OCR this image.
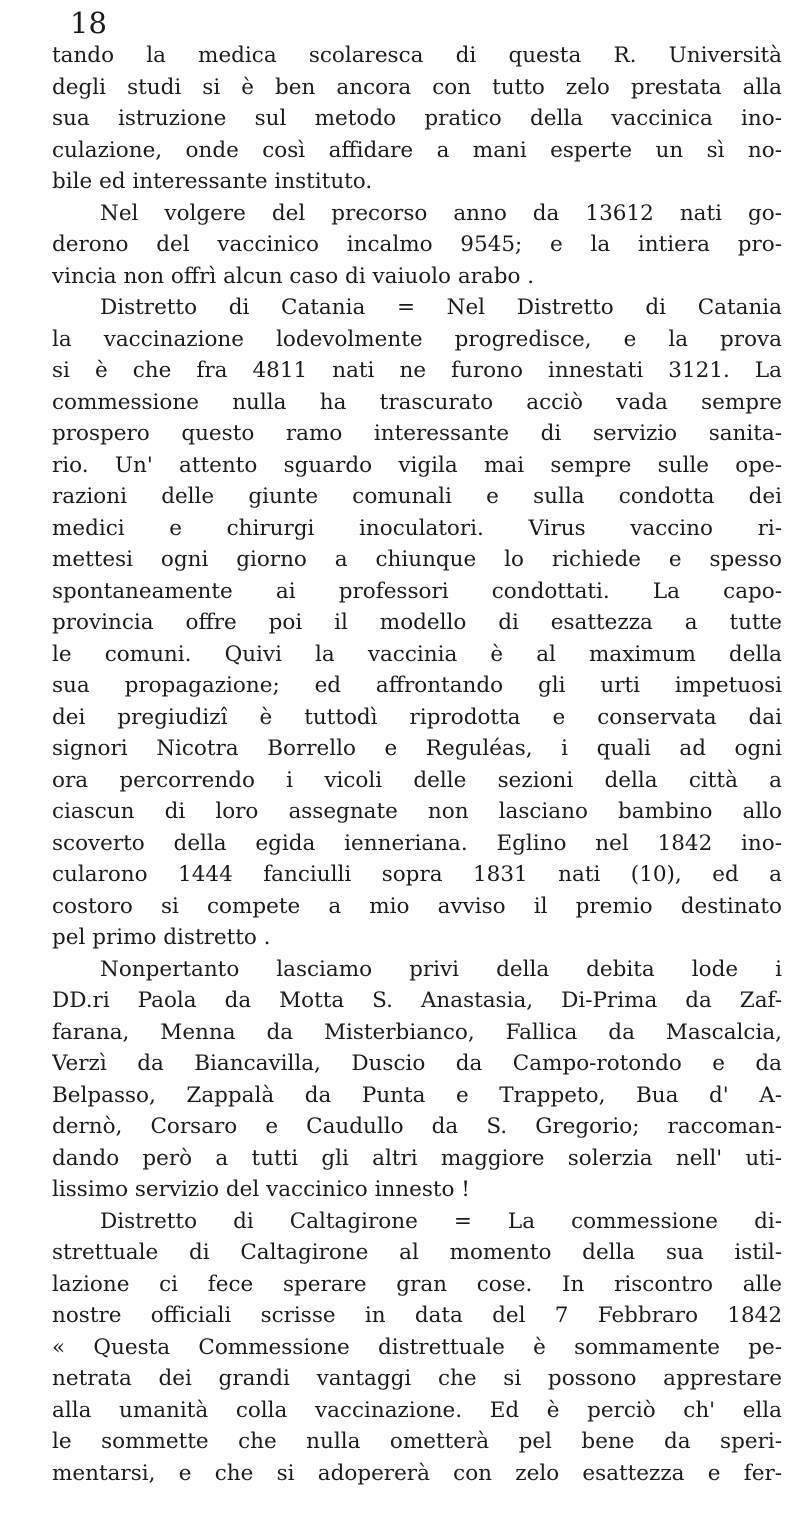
18
tando la medica scolaresca di questa R. Università
degli studi si è ben ancora con tutto zelo prestata alla
sua istruzione sul metodo pratico della vaccinica ino-
culazione, onde così affidare a mani esperte un sì no-
bile ed interessante instituto.
Nel volgere del precorso anno da 13612 nati go-
derono del vaccinico incalmo 9545; e la intiera pro-
vincia non offrì alcun caso di vaiuolo arabo .
Distretto di Catania = Nel Distretto di Catania
la vaccinazione lodevolmente progredisce, e la prova
si è che fra 4811 nati ne furono innestati 3121. La
commessione nulla ha trascurato acciò vada sempre
prospero questo ramo interessante di servizio sanita-
rio. Un' attento sguardo vigila mai sempre sulle ope-
razioni delle giunte comunali e sulla condotta dei
medici e chirurgi inoculatori. Virus vaccino ri-
mettesi ogni giorno a chiunque lo richiede e spesso
spontaneamente ai professori condottati. La capo-
provincia offre poi il modello di esattezza a tutte
le comuni. Quivi la vaccinia è al maximum della
sua propagazione; ed affrontando gli urti impetuosi
dei pregiudizî è tuttodì riprodotta e conservata dai
signori Nicotra Borrello e Reguléas, i quali ad ogni
ora percorrendo i vicoli delle sezioni della città a
ciascun di loro assegnate non lasciano bambino allo
scoverto della egida ienneriana. Eglino nel 1842 ino-
cularono 1444 fanciulli sopra 1831 nati (10), ed a
costoro si compete a mio avviso il premio destinato
pel primo distretto .
Nonpertanto lasciamo privi della debita lode i
DD.ri Paola da Motta S. Anastasia, Di-Prima da Zaf-
farana, Menna da Misterbianco, Fallica da Mascalcia,
Verzì da Biancavilla, Duscio da Campo-rotondo e da
Belpasso, Zappalà da Punta e Trappeto, Bua d' A-
dernò, Corsaro e Caudullo da S. Gregorio; raccoman-
dando però a tutti gli altri maggiore solerzia nell' uti-
lissimo servizio del vaccinico innesto !
Distretto di Caltagirone = La commessione di-
strettuale di Caltagirone al momento della sua istil-
lazione ci fece sperare gran cose. In riscontro alle
nostre officiali scrisse in data del 7 Febbraro 1842
« Questa Commessione distrettuale è sommamente pe-
netrata dei grandi vantaggi che si possono apprestare
alla umanità colla vaccinazione. Ed è perciò ch' ella
le sommette che nulla ometterà pel bene da speri-
mentarsi, e che si adopererà con zelo esattezza e fer-
